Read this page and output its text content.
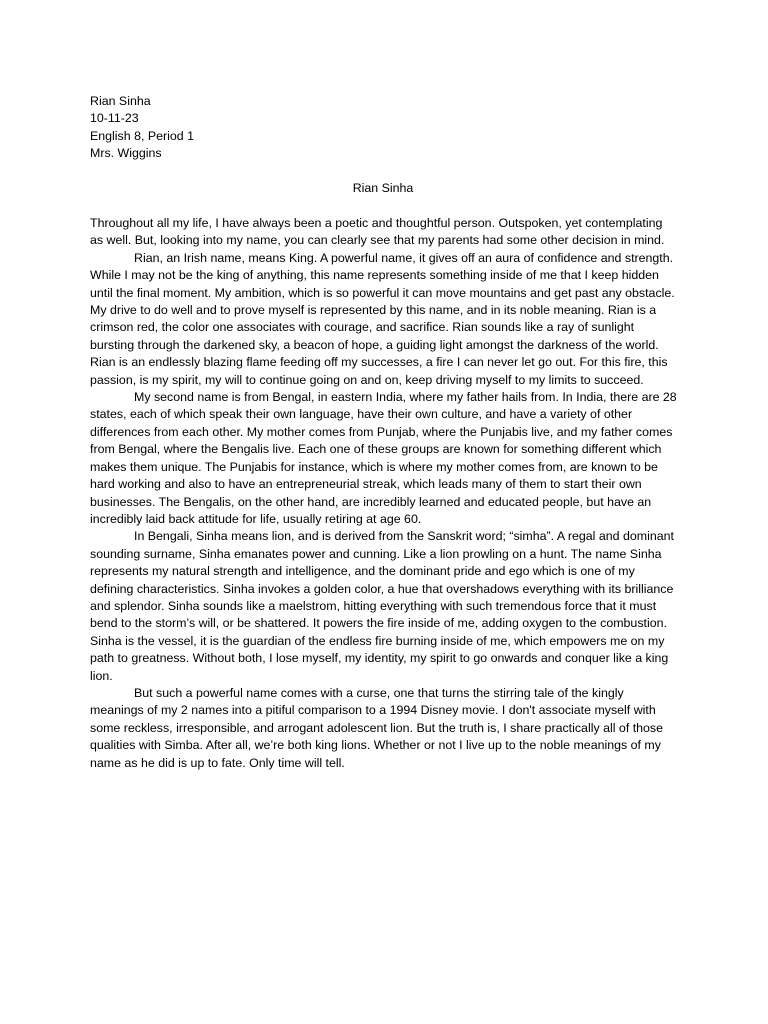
Rian Sinha
10-11-23
English 8, Period 1
Mrs. Wiggins
Rian Sinha

Throughout all my life, I have always been a poetic and thoughtful person. Outspoken, yet contemplating as well. But, looking into my name, you can clearly see that my parents had some other decision in mind.

Rian, an Irish name, means King. A powerful name, it gives off an aura of confidence and strength. While I may not be the king of anything, this name represents something inside of me that I keep hidden until the final moment. My ambition, which is so powerful it can move mountains and get past any obstacle. My drive to do well and to prove myself is represented by this name, and in its noble meaning. Rian is a crimson red, the color one associates with courage, and sacrifice. Rian sounds like a ray of sunlight bursting through the darkened sky, a beacon of hope, a guiding light amongst the darkness of the world. Rian is an endlessly blazing flame feeding off my successes, a fire I can never let go out. For this fire, this passion, is my spirit, my will to continue going on and on, keep driving myself to my limits to succeed.

My second name is from Bengal, in eastern India, where my father hails from. In India, there are 28 states, each of which speak their own language, have their own culture, and have a variety of other differences from each other. My mother comes from Punjab, where the Punjabis live, and my father comes from Bengal, where the Bengalis live. Each one of these groups are known for something different which makes them unique. The Punjabis for instance, which is where my mother comes from, are known to be hard working and also to have an entrepreneurial streak, which leads many of them to start their own businesses. The Bengalis, on the other hand, are incredibly learned and educated people, but have an incredibly laid back attitude for life, usually retiring at age 60.

In Bengali, Sinha means lion, and is derived from the Sanskrit word; “simha”. A regal and dominant sounding surname, Sinha emanates power and cunning. Like a lion prowling on a hunt. The name Sinha represents my natural strength and intelligence, and the dominant pride and ego which is one of my defining characteristics. Sinha invokes a golden color, a hue that overshadows everything with its brilliance and splendor. Sinha sounds like a maelstrom, hitting everything with such tremendous force that it must bend to the storm’s will, or be shattered. It powers the fire inside of me, adding oxygen to the combustion. Sinha is the vessel, it is the guardian of the endless fire burning inside of me, which empowers me on my path to greatness. Without both, I lose myself, my identity, my spirit to go onwards and conquer like a king lion.

But such a powerful name comes with a curse, one that turns the stirring tale of the kingly meanings of my 2 names into a pitiful comparison to a 1994 Disney movie. I don't associate myself with some reckless, irresponsible, and arrogant adolescent lion. But the truth is, I share practically all of those qualities with Simba. After all, we’re both king lions. Whether or not I live up to the noble meanings of my name as he did is up to fate. Only time will tell.
